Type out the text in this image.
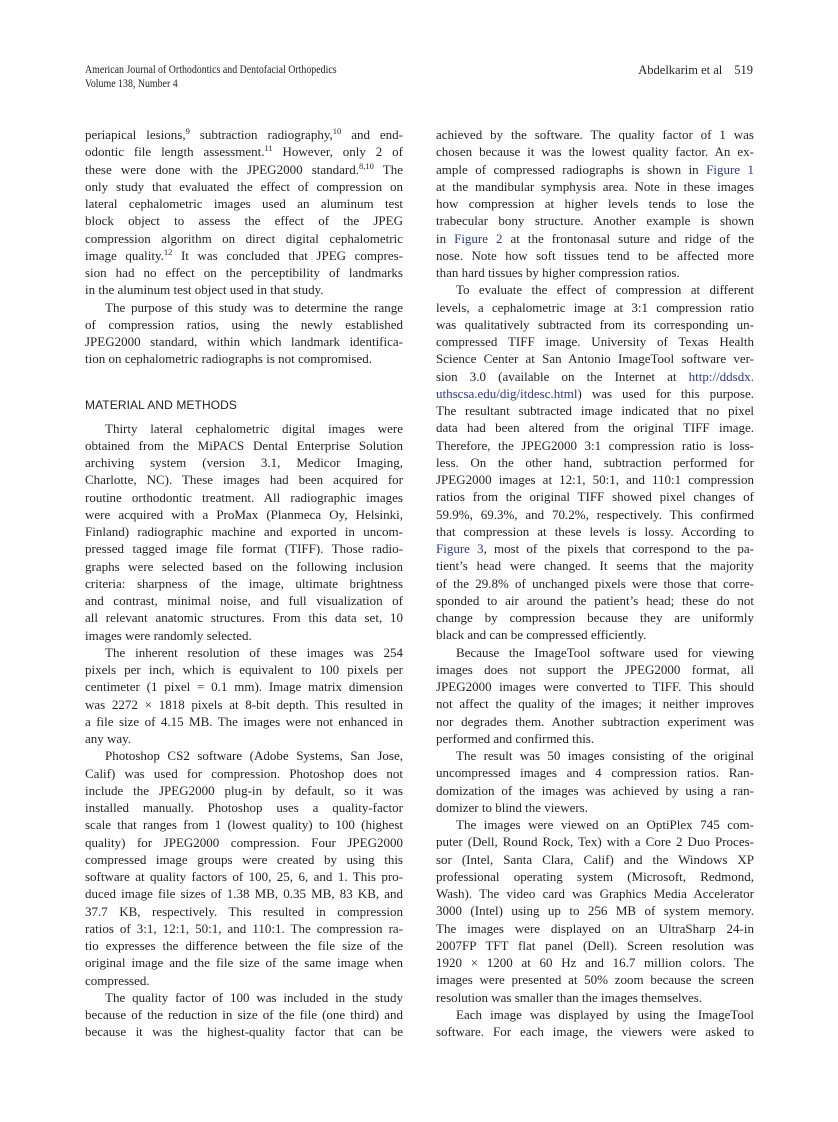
American Journal of Orthodontics and Dentofacial Orthopedics
Volume 138, Number 4
Abdelkarim et al 519
periapical lesions,$^9$ subtraction radiography,$^{10}$ and end-
odontic file length assessment.$^{11}$ However, only 2 of
these were done with the JPEG2000 standard.$^{8,10}$ The
only study that evaluated the effect of compression on
lateral cephalometric images used an aluminum test
block object to assess the effect of the JPEG
compression algorithm on direct digital cephalometric
image quality.$^{12}$ It was concluded that JPEG compres-
sion had no effect on the perceptibility of landmarks
in the aluminum test object used in that study.
The purpose of this study was to determine the range
of compression ratios, using the newly established
JPEG2000 standard, within which landmark identifica-
tion on cephalometric radiographs is not compromised.
MATERIAL AND METHODS
Thirty lateral cephalometric digital images were
obtained from the MiPACS Dental Enterprise Solution
archiving system (version 3.1, Medicor Imaging,
Charlotte, NC). These images had been acquired for
routine orthodontic treatment. All radiographic images
were acquired with a ProMax (Planmeca Oy, Helsinki,
Finland) radiographic machine and exported in uncom-
pressed tagged image file format (TIFF). Those radio-
graphs were selected based on the following inclusion
criteria: sharpness of the image, ultimate brightness
and contrast, minimal noise, and full visualization of
all relevant anatomic structures. From this data set, 10
images were randomly selected.
The inherent resolution of these images was 254
pixels per inch, which is equivalent to 100 pixels per
centimeter (1 pixel = 0.1 mm). Image matrix dimension
was 2272 × 1818 pixels at 8-bit depth. This resulted in
a file size of 4.15 MB. The images were not enhanced in
any way.
Photoshop CS2 software (Adobe Systems, San Jose,
Calif) was used for compression. Photoshop does not
include the JPEG2000 plug-in by default, so it was
installed manually. Photoshop uses a quality-factor
scale that ranges from 1 (lowest quality) to 100 (highest
quality) for JPEG2000 compression. Four JPEG2000
compressed image groups were created by using this
software at quality factors of 100, 25, 6, and 1. This pro-
duced image file sizes of 1.38 MB, 0.35 MB, 83 KB, and
37.7 KB, respectively. This resulted in compression
ratios of 3:1, 12:1, 50:1, and 110:1. The compression ra-
tio expresses the difference between the file size of the
original image and the file size of the same image when
compressed.
The quality factor of 100 was included in the study
because of the reduction in size of the file (one third) and
because it was the highest-quality factor that can be
achieved by the software. The quality factor of 1 was
chosen because it was the lowest quality factor. An ex-
ample of compressed radiographs is shown in Figure 1
at the mandibular symphysis area. Note in these images
how compression at higher levels tends to lose the
trabecular bony structure. Another example is shown
in Figure 2 at the frontonasal suture and ridge of the
nose. Note how soft tissues tend to be affected more
than hard tissues by higher compression ratios.
To evaluate the effect of compression at different
levels, a cephalometric image at 3:1 compression ratio
was qualitatively subtracted from its corresponding un-
compressed TIFF image. University of Texas Health
Science Center at San Antonio ImageTool software ver-
sion 3.0 (available on the Internet at http://ddsdx.
uthscsa.edu/dig/itdesc.html) was used for this purpose.
The resultant subtracted image indicated that no pixel
data had been altered from the original TIFF image.
Therefore, the JPEG2000 3:1 compression ratio is loss-
less. On the other hand, subtraction performed for
JPEG2000 images at 12:1, 50:1, and 110:1 compression
ratios from the original TIFF showed pixel changes of
59.9%, 69.3%, and 70.2%, respectively. This confirmed
that compression at these levels is lossy. According to
Figure 3, most of the pixels that correspond to the pa-
tient’s head were changed. It seems that the majority
of the 29.8% of unchanged pixels were those that corre-
sponded to air around the patient’s head; these do not
change by compression because they are uniformly
black and can be compressed efficiently.
Because the ImageTool software used for viewing
images does not support the JPEG2000 format, all
JPEG2000 images were converted to TIFF. This should
not affect the quality of the images; it neither improves
nor degrades them. Another subtraction experiment was
performed and confirmed this.
The result was 50 images consisting of the original
uncompressed images and 4 compression ratios. Ran-
domization of the images was achieved by using a ran-
domizer to blind the viewers.
The images were viewed on an OptiPlex 745 com-
puter (Dell, Round Rock, Tex) with a Core 2 Duo Proces-
sor (Intel, Santa Clara, Calif) and the Windows XP
professional operating system (Microsoft, Redmond,
Wash). The video card was Graphics Media Accelerator
3000 (Intel) using up to 256 MB of system memory.
The images were displayed on an UltraSharp 24-in
2007FP TFT flat panel (Dell). Screen resolution was
1920 × 1200 at 60 Hz and 16.7 million colors. The
images were presented at 50% zoom because the screen
resolution was smaller than the images themselves.
Each image was displayed by using the ImageTool
software. For each image, the viewers were asked to
